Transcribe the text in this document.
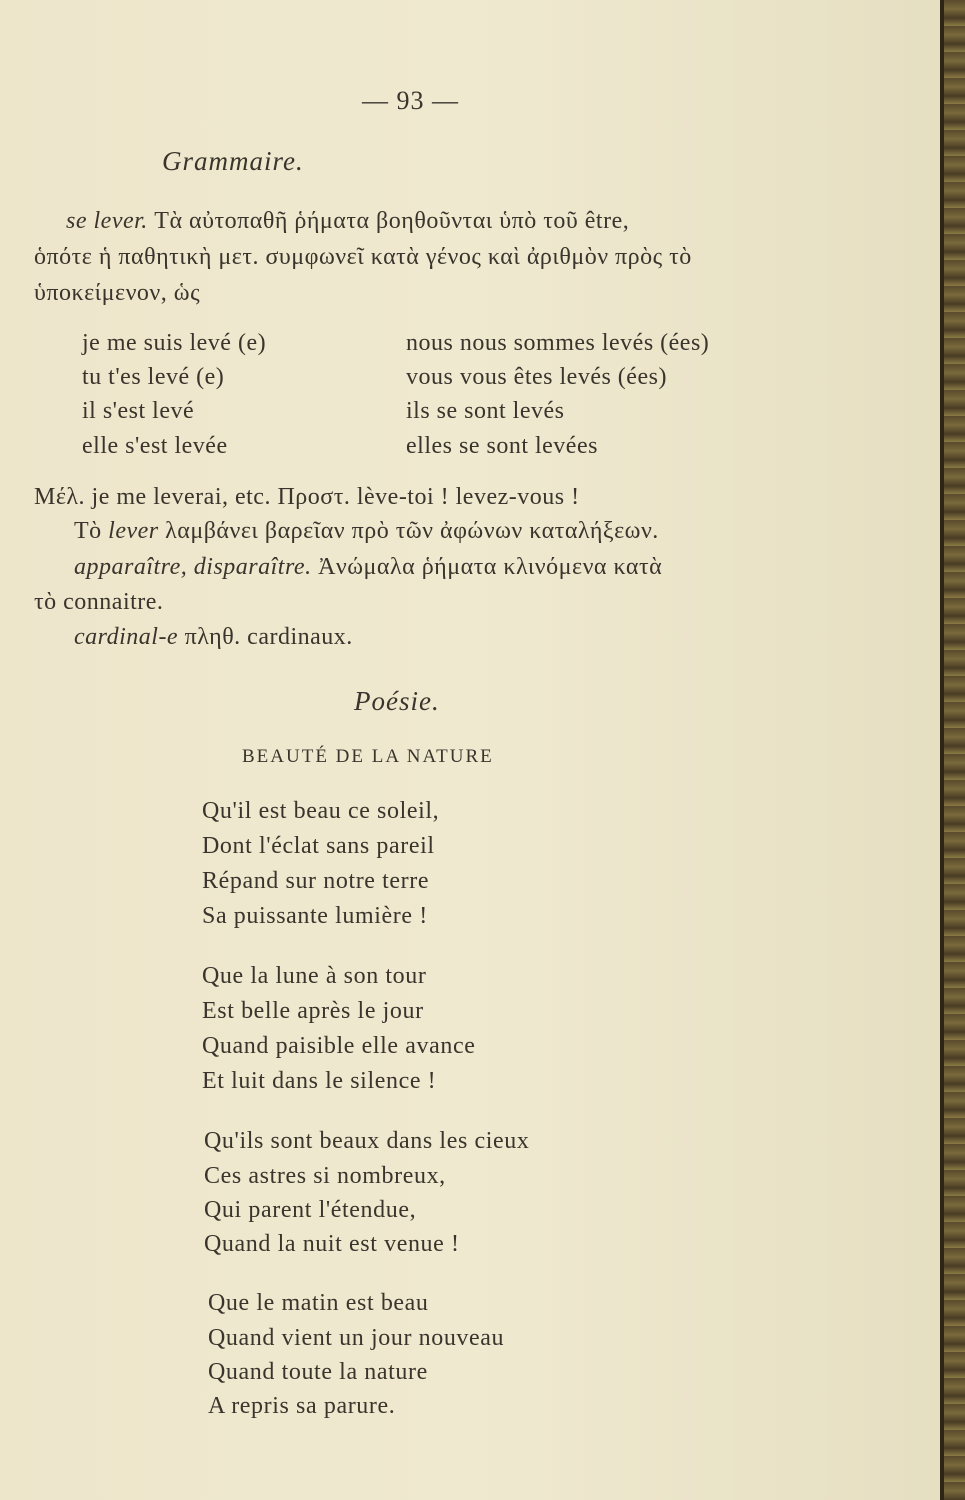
— 93 —
Grammaire.
se lever. Τὰ αὐτοπαθῆ ῥήματα βοηθοῦνται ὑπὸ τοῦ être,
ὁπότε ἡ παθητικὴ μετ. συμφωνεῖ κατὰ γένος καὶ ἀριθμὸν πρὸς τὸ
ὑποκείμενον, ὡς
je me suis levé (e)
tu t'es levé (e)
il s'est levé
elle s'est levée
nous nous sommes levés (ées)
vous vous êtes levés (ées)
ils se sont levés
elles se sont levées
Μέλ. je me leverai, etc. Προστ. lève-toi ! levez-vous !
Τὸ lever λαμβάνει βαρεῖαν πρὸ τῶν ἀφώνων καταλήξεων.
apparaître, disparaître. Ἀνώμαλα ῥήματα κλινόμενα κατὰ
τὸ connaitre.
cardinal-e πληθ. cardinaux.
Poésie.
BEAUTÉ DE LA NATURE
Qu'il est beau ce soleil,
Dont l'éclat sans pareil
Répand sur notre terre
Sa puissante lumière !
Que la lune à son tour
Est belle après le jour
Quand paisible elle avance
Et luit dans le silence !
Qu'ils sont beaux dans les cieux
Ces astres si nombreux,
Qui parent l'étendue,
Quand la nuit est venue !
Que le matin est beau
Quand vient un jour nouveau
Quand toute la nature
A repris sa parure.
